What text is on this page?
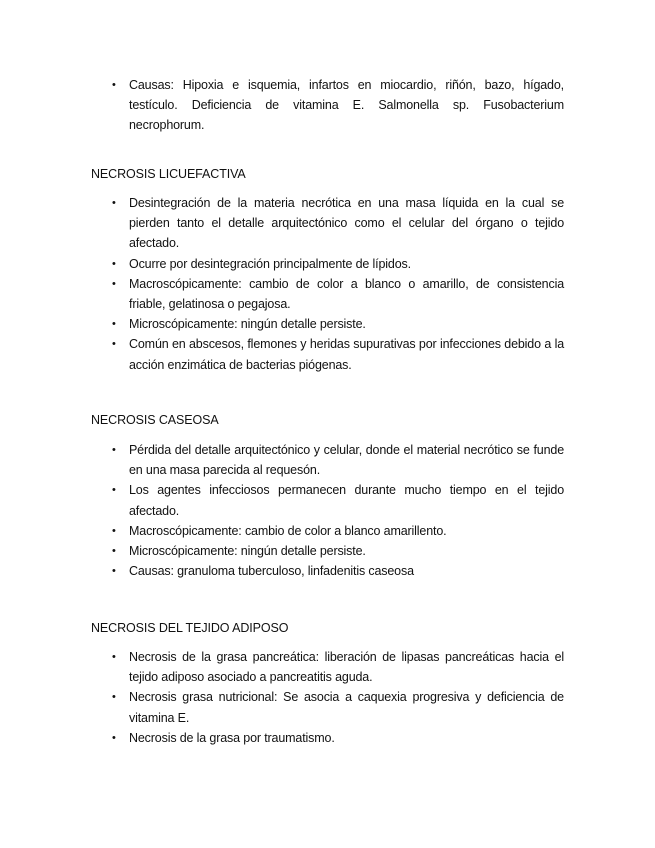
• Causas: Hipoxia e isquemia, infartos en miocardio, riñón, bazo, hígado, testículo. Deficiencia de vitamina E. Salmonella sp. Fusobacterium necrophorum.
NECROSIS LICUEFACTIVA
• Desintegración de la materia necrótica en una masa líquida en la cual se pierden tanto el detalle arquitectónico como el celular del órgano o tejido afectado.
• Ocurre por desintegración principalmente de lípidos.
• Macroscópicamente: cambio de color a blanco o amarillo, de consistencia friable, gelatinosa o pegajosa.
• Microscópicamente: ningún detalle persiste.
• Común en abscesos, flemones y heridas supurativas por infecciones debido a la acción enzimática de bacterias piógenas.
NECROSIS CASEOSA
• Pérdida del detalle arquitectónico y celular, donde el material necrótico se funde en una masa parecida al requesón.
• Los agentes infecciosos permanecen durante mucho tiempo en el tejido afectado.
• Macroscópicamente: cambio de color a blanco amarillento.
• Microscópicamente: ningún detalle persiste.
• Causas: granuloma tuberculoso, linfadenitis caseosa
NECROSIS DEL TEJIDO ADIPOSO
• Necrosis de la grasa pancreática: liberación de lipasas pancreáticas hacia el tejido adiposo asociado a pancreatitis aguda.
• Necrosis grasa nutricional: Se asocia a caquexia progresiva y deficiencia de vitamina E.
• Necrosis de la grasa por traumatismo.
